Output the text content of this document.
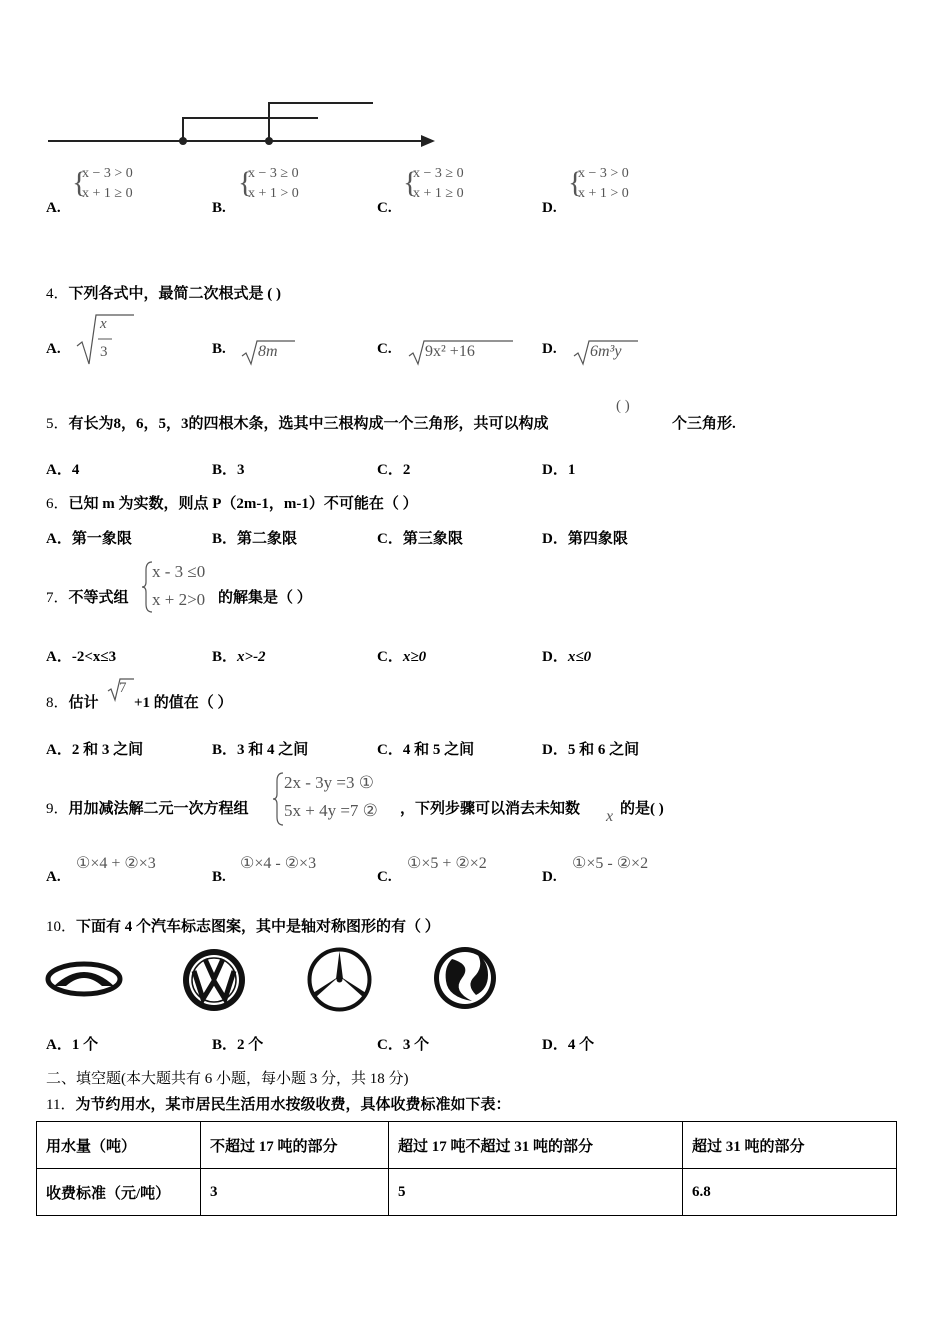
A.
{
x − 3 > 0
x + 1 ≥ 0
B.
{
x − 3 ≥ 0
x + 1 > 0
C.
{
x − 3 ≥ 0
x + 1 ≥ 0
D.
{
x − 3 > 0
x + 1 > 0
4．下列各式中，最简二次根式是 ( )
A.
x
3	B. 8m	C. 9x² +16	D. 6m³y
5．有长为8，6，5，3的四根木条，选其中三根构成一个三角形，共可以构成
( )
个三角形.
A．4	B．3	C．2	D．1
6．已知 m 为实数，则点 P（2m-1，m-1）不可能在（ ）
A．第一象限	B．第二象限	C．第三象限	D．第四象限
7．不等式组
x - 3 ≤0
x + 2>0 的解集是（ ）
A．-2<x≤3	B．x>-2	C．x≥0	D．x≤0
8．估计
7
+1 的值在（ ）
A．2 和 3 之间	B．3 和 4 之间	C．4 和 5 之间	D．5 和 6 之间
9．用加减法解二元一次方程组
2x - 3y =3 ①
5x + 4y =7 ② ，下列步骤可以消去未知数 x 的是( )
A.
①×4 + ②×3
B.
①×4 - ②×3
C.
①×5 + ②×2
D.
①×5 - ②×2
10．下面有 4 个汽车标志图案，其中是轴对称图形的有（ ）
A．1 个	B．2 个	C．3 个	D．4 个
二、填空题(本大题共有 6 小题，每小题 3 分，共 18 分)
11．为节约用水，某市居民生活用水按级收费，具体收费标准如下表：
用水量（吨）	不超过 17 吨的部分	超过 17 吨不超过 31 吨的部分	超过 31 吨的部分
收费标准（元/吨）	3	5	6.8
